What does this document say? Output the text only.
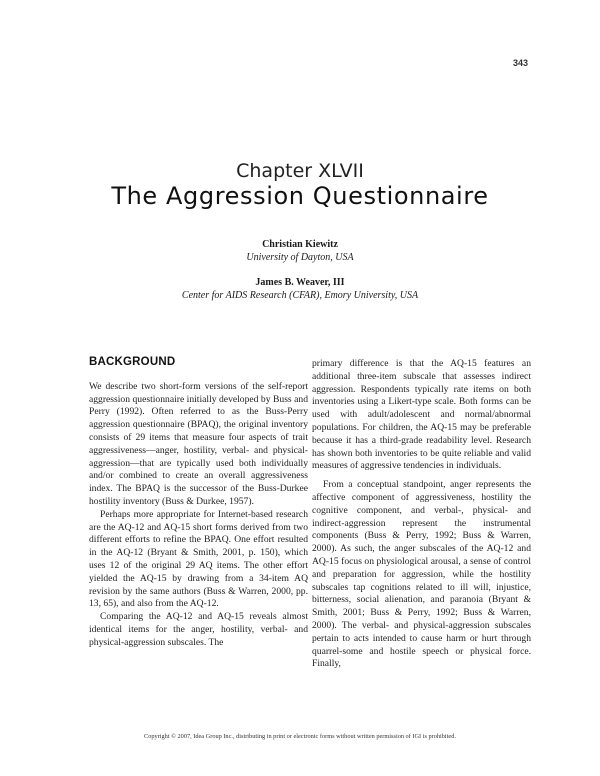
343
Chapter XLVII
The Aggression Questionnaire
Christian Kiewitz
University of Dayton, USA
James B. Weaver, III
Center for AIDS Research (CFAR), Emory University, USA
BACKGROUND

We describe two short-form versions of the self-report aggression questionnaire initially developed by Buss and Perry (1992). Often referred to as the Buss-Perry aggression questionnaire (BPAQ), the original inventory consists of 29 items that measure four aspects of trait aggressiveness—anger, hostility, verbal- and physical-aggression—that are typically used both individually and/or combined to create an overall aggressiveness index. The BPAQ is the successor of the Buss-Durkee hostility inventory (Buss & Durkee, 1957).

Perhaps more appropriate for Internet-based research are the AQ-12 and AQ-15 short forms derived from two different efforts to refine the BPAQ. One effort resulted in the AQ-12 (Bryant & Smith, 2001, p. 150), which uses 12 of the original 29 AQ items. The other effort yielded the AQ-15 by drawing from a 34-item AQ revision by the same authors (Buss & Warren, 2000, pp. 13, 65), and also from the AQ-12.

Comparing the AQ-12 and AQ-15 reveals almost identical items for the anger, hostility, verbal- and physical-aggression subscales. The

primary difference is that the AQ-15 features an additional three-item subscale that assesses indirect aggression. Respondents typically rate items on both inventories using a Likert-type scale. Both forms can be used with adult/adolescent and normal/abnormal populations. For children, the AQ-15 may be preferable because it has a third-grade readability level. Research has shown both inventories to be quite reliable and valid measures of aggressive tendencies in individuals.

From a conceptual standpoint, anger represents the affective component of aggressiveness, hostility the cognitive component, and verbal-, physical- and indirect-aggression represent the instrumental components (Buss & Perry, 1992; Buss & Warren, 2000). As such, the anger subscales of the AQ-12 and AQ-15 focus on physiological arousal, a sense of control and preparation for aggression, while the hostility subscales tap cognitions related to ill will, injustice, bitterness, social alienation, and paranoia (Bryant & Smith, 2001; Buss & Perry, 1992; Buss & Warren, 2000). The verbal- and physical-aggression subscales pertain to acts intended to cause harm or hurt through quarrel-some and hostile speech or physical force. Finally,

Copyright © 2007, Idea Group Inc., distributing in print or electronic forms without written permission of IGI is prohibited.
